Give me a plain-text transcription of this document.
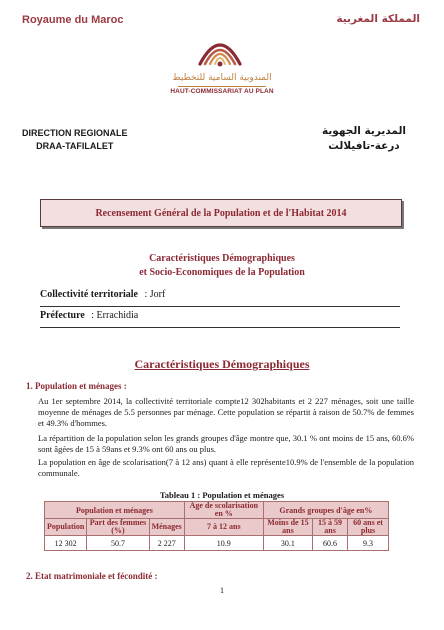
Royaume du Maroc	المملكة المغربية
المندوبية السامية للتخطيط
HAUT-COMMISSARIAT AU PLAN
DIRECTION REGIONALE
DRAA-TAFILALET
المديرية الجهوية
درعة-تافيلالت
Recensement Général de la Population et de l'Habitat 2014
Caractéristiques Démographiques
et Socio-Economiques de la Population
Collectivité territoriale : Jorf
Préfecture : Errachidia
Caractéristiques Démographiques
1. Population et ménages :
Au 1er septembre 2014, la collectivité territoriale compte12 302habitants et 2 227 ménages, soit une taille moyenne de ménages de 5.5 personnes par ménage. Cette population se répartit à raison de 50.7% de femmes et 49.3% d'hommes.
La répartition de la population selon les grands groupes d'âge montre que, 30.1 % ont moins de 15 ans, 60.6% sont âgées de 15 à 59ans et 9.3% ont 60 ans ou plus.
La population en âge de scolarisation(7 à 12 ans) quant à elle représente10.9% de l'ensemble de la population communale.
Tableau 1 : Population et ménages
Population et ménages			Age de scolarisation en %	Grands groupes d'âge en%		
Population	Part des femmes (%)	Ménages	7 à 12 ans	Moins de 15 ans	15 à 59 ans	60 ans et plus
12 302	50.7	2 227	10.9	30.1	60.6	9.3
2. Etat matrimoniale et fécondité :
1
